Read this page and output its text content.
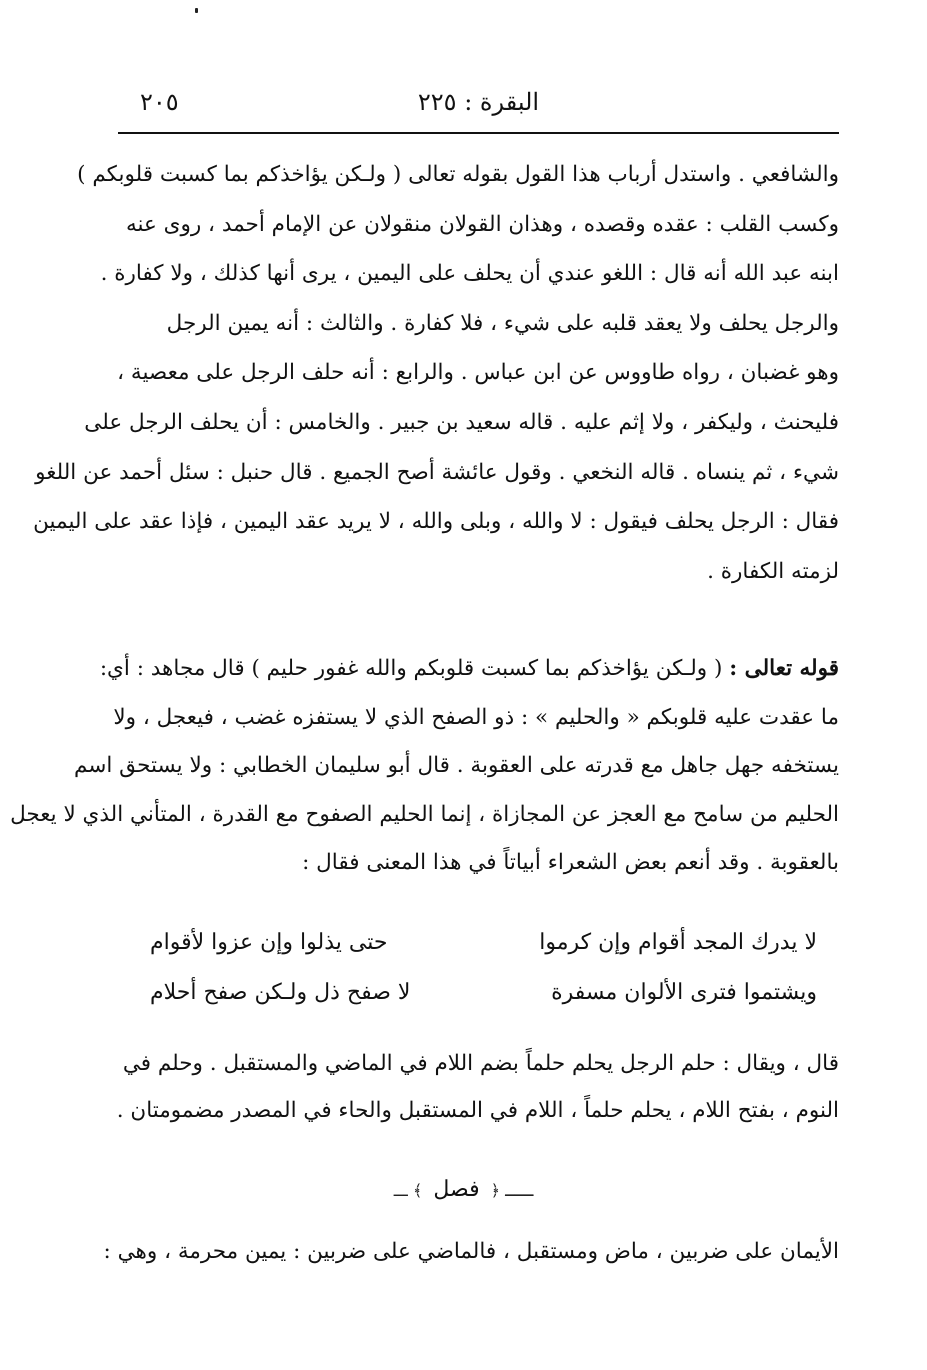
البقرة : ٢٢٥
٢٠٥
والشافعي . واستدل أرباب هذا القول بقوله تعالى ( ولـكن يؤاخذكم بما كسبت قلوبكم )
وكسب القلب : عقده وقصده ، وهذان القولان منقولان عن الإمام أحمد ، روى عنه
ابنه عبد الله أنه قال : اللغو عندي أن يحلف على اليمين ، يرى أنها كذلك ، ولا كفارة .
والرجل يحلف ولا يعقد قلبه على شيء ، فلا كفارة . والثالث : أنه يمين الرجل
وهو غضبان ، رواه طاووس عن ابن عباس . والرابع : أنه حلف الرجل على معصية ،
فليحنث ، وليكفر ، ولا إثم عليه . قاله سعيد بن جبير . والخامس : أن يحلف الرجل على
شيء ، ثم ينساه . قاله النخعي . وقول عائشة أصح الجميع . قال حنبل : سئل أحمد عن اللغو
فقال : الرجل يحلف فيقول : لا والله ، وبلى والله ، لا يريد عقد اليمين ، فإذا عقد على اليمين
لزمته الكفارة .
قوله تعالى : ( ولـكن يؤاخذكم بما كسبت قلوبكم والله غفور حليم ) قال مجاهد : أي:
ما عقدت عليه قلوبكم « والحليم » : ذو الصفح الذي لا يستفزه غضب ، فيعجل ، ولا
يستخفه جهل جاهل مع قدرته على العقوبة . قال أبو سليمان الخطابي : ولا يستحق اسم
الحليم من سامح مع العجز عن المجازاة ، إنما الحليم الصفوح مع القدرة ، المتأني الذي لا يعجل
بالعقوبة . وقد أنعم بعض الشعراء أبياتاً في هذا المعنى فقال :
لا يدرك المجد أقوام وإن كرموا
حتى يذلوا وإن عزوا لأقوام
ويشتموا فترى الألوان مسفرة
لا صفح ذل ولـكن صفح أحلام
قال ، ويقال : حلم الرجل يحلم حلماً بضم اللام في الماضي والمستقبل . وحلم في
النوم ، بفتح اللام ، يحلم حلماً ، اللام في المستقبل والحاء في المصدر مضمومتان .
ـــ ﴿ فصل ﴾ ـــ
الأيمان على ضربين ، ماض ومستقبل ، فالماضي على ضربين : يمين محرمة ، وهي :
